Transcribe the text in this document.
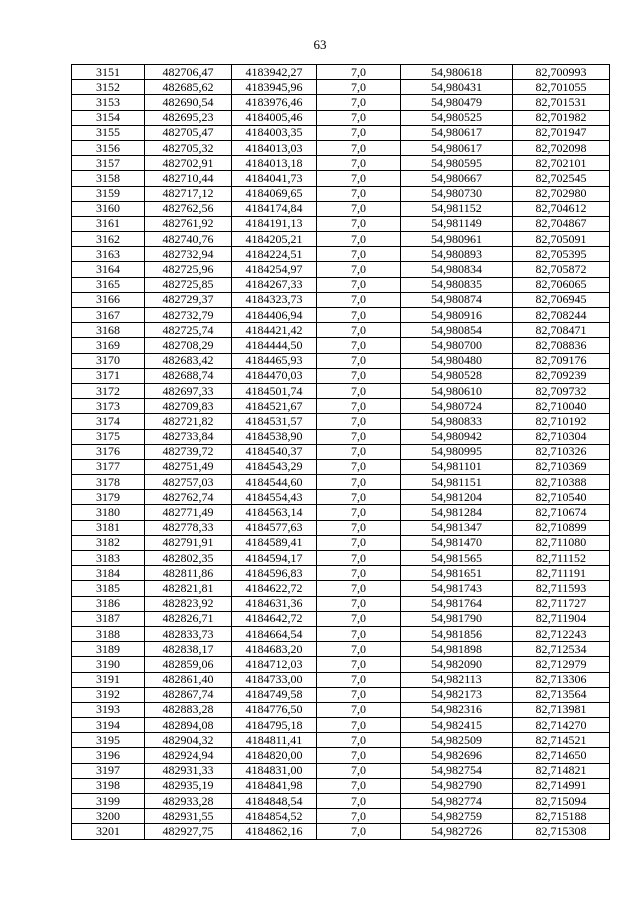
63
3151	482706,47	4183942,27	7,0	54,980618	82,700993
3152	482685,62	4183945,96	7,0	54,980431	82,701055
3153	482690,54	4183976,46	7,0	54,980479	82,701531
3154	482695,23	4184005,46	7,0	54,980525	82,701982
3155	482705,47	4184003,35	7,0	54,980617	82,701947
3156	482705,32	4184013,03	7,0	54,980617	82,702098
3157	482702,91	4184013,18	7,0	54,980595	82,702101
3158	482710,44	4184041,73	7,0	54,980667	82,702545
3159	482717,12	4184069,65	7,0	54,980730	82,702980
3160	482762,56	4184174,84	7,0	54,981152	82,704612
3161	482761,92	4184191,13	7,0	54,981149	82,704867
3162	482740,76	4184205,21	7,0	54,980961	82,705091
3163	482732,94	4184224,51	7,0	54,980893	82,705395
3164	482725,96	4184254,97	7,0	54,980834	82,705872
3165	482725,85	4184267,33	7,0	54,980835	82,706065
3166	482729,37	4184323,73	7,0	54,980874	82,706945
3167	482732,79	4184406,94	7,0	54,980916	82,708244
3168	482725,74	4184421,42	7,0	54,980854	82,708471
3169	482708,29	4184444,50	7,0	54,980700	82,708836
3170	482683,42	4184465,93	7,0	54,980480	82,709176
3171	482688,74	4184470,03	7,0	54,980528	82,709239
3172	482697,33	4184501,74	7,0	54,980610	82,709732
3173	482709,83	4184521,67	7,0	54,980724	82,710040
3174	482721,82	4184531,57	7,0	54,980833	82,710192
3175	482733,84	4184538,90	7,0	54,980942	82,710304
3176	482739,72	4184540,37	7,0	54,980995	82,710326
3177	482751,49	4184543,29	7,0	54,981101	82,710369
3178	482757,03	4184544,60	7,0	54,981151	82,710388
3179	482762,74	4184554,43	7,0	54,981204	82,710540
3180	482771,49	4184563,14	7,0	54,981284	82,710674
3181	482778,33	4184577,63	7,0	54,981347	82,710899
3182	482791,91	4184589,41	7,0	54,981470	82,711080
3183	482802,35	4184594,17	7,0	54,981565	82,711152
3184	482811,86	4184596,83	7,0	54,981651	82,711191
3185	482821,81	4184622,72	7,0	54,981743	82,711593
3186	482823,92	4184631,36	7,0	54,981764	82,711727
3187	482826,71	4184642,72	7,0	54,981790	82,711904
3188	482833,73	4184664,54	7,0	54,981856	82,712243
3189	482838,17	4184683,20	7,0	54,981898	82,712534
3190	482859,06	4184712,03	7,0	54,982090	82,712979
3191	482861,40	4184733,00	7,0	54,982113	82,713306
3192	482867,74	4184749,58	7,0	54,982173	82,713564
3193	482883,28	4184776,50	7,0	54,982316	82,713981
3194	482894,08	4184795,18	7,0	54,982415	82,714270
3195	482904,32	4184811,41	7,0	54,982509	82,714521
3196	482924,94	4184820,00	7,0	54,982696	82,714650
3197	482931,33	4184831,00	7,0	54,982754	82,714821
3198	482935,19	4184841,98	7,0	54,982790	82,714991
3199	482933,28	4184848,54	7,0	54,982774	82,715094
3200	482931,55	4184854,52	7,0	54,982759	82,715188
3201	482927,75	4184862,16	7,0	54,982726	82,715308
